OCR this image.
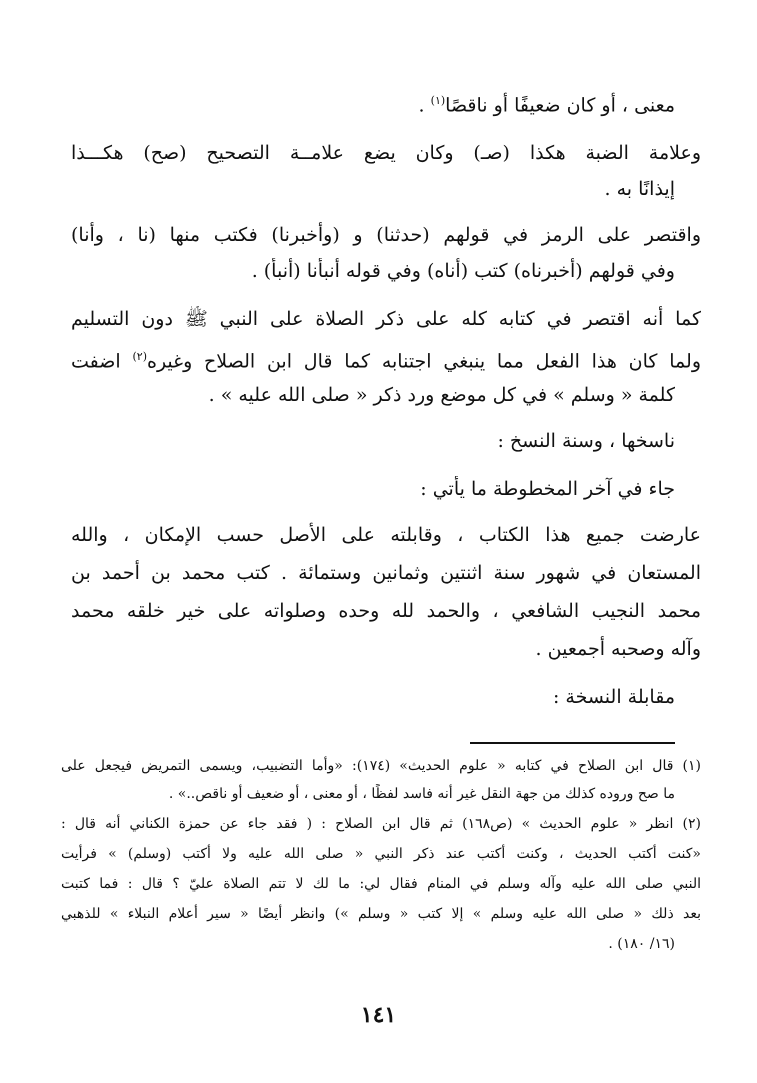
معنى ، أو كان ضعيفًا أو ناقصًا$^{(١)}$ .
وعلامة الضبة هكذا (صـ) وكان يضع علامــة التصحيح (صح) هكـــذا
إيذانًا به .
واقتصر على الرمز في قولهم (حدثنا) و (وأخبرنا) فكتب منها (نا ، وأنا)
وفي قولهم (أخبرناه) كتب (أناه) وفي قوله أنبأنا (أنبأ) .
كما أنه اقتصر في كتابه كله على ذكر الصلاة على النبي ﷺ دون التسليم
ولما كان هذا الفعل مما ينبغي اجتنابه كما قال ابن الصلاح وغيره$^{(٢)}$ اضفت
كلمة « وسلم » في كل موضع ورد ذكر « صلى الله عليه » .
ناسخها ، وسنة النسخ :
جاء في آخر المخطوطة ما يأتي :
عارضت جميع هذا الكتاب ، وقابلته على الأصل حسب الإمكان ، والله
المستعان في شهور سنة اثنتين وثمانين وستمائة . كتب محمد بن أحمد بن
محمد النجيب الشافعي ، والحمد لله وحده وصلواته على خير خلقه محمد
وآله وصحبه أجمعين .
مقابلة النسخة :
(١) قال ابن الصلاح في كتابه « علوم الحديث» (١٧٤): «وأما التضبيب، ويسمى التمريض فيجعل على
ما صح وروده كذلك من جهة النقل غير أنه فاسد لفظًا ، أو معنى ، أو ضعيف أو ناقص..» .
(٢) انظر « علوم الحديث » (ص١٦٨) ثم قال ابن الصلاح : ( فقد جاء عن حمزة الكناني أنه قال :
«كنت أكتب الحديث ، وكنت أكتب عند ذكر النبي « صلى الله عليه ولا أكتب (وسلم) » فرأيت
النبي صلى الله عليه وآله وسلم في المنام فقال لي: ما لك لا تتم الصلاة عليّ ؟ قال : فما كتبت
بعد ذلك « صلى الله عليه وسلم » إلا كتب « وسلم ») وانظر أيضًا « سير أعلام النبلاء » للذهبي
(١٦/ ١٨٠) .
١٤١
